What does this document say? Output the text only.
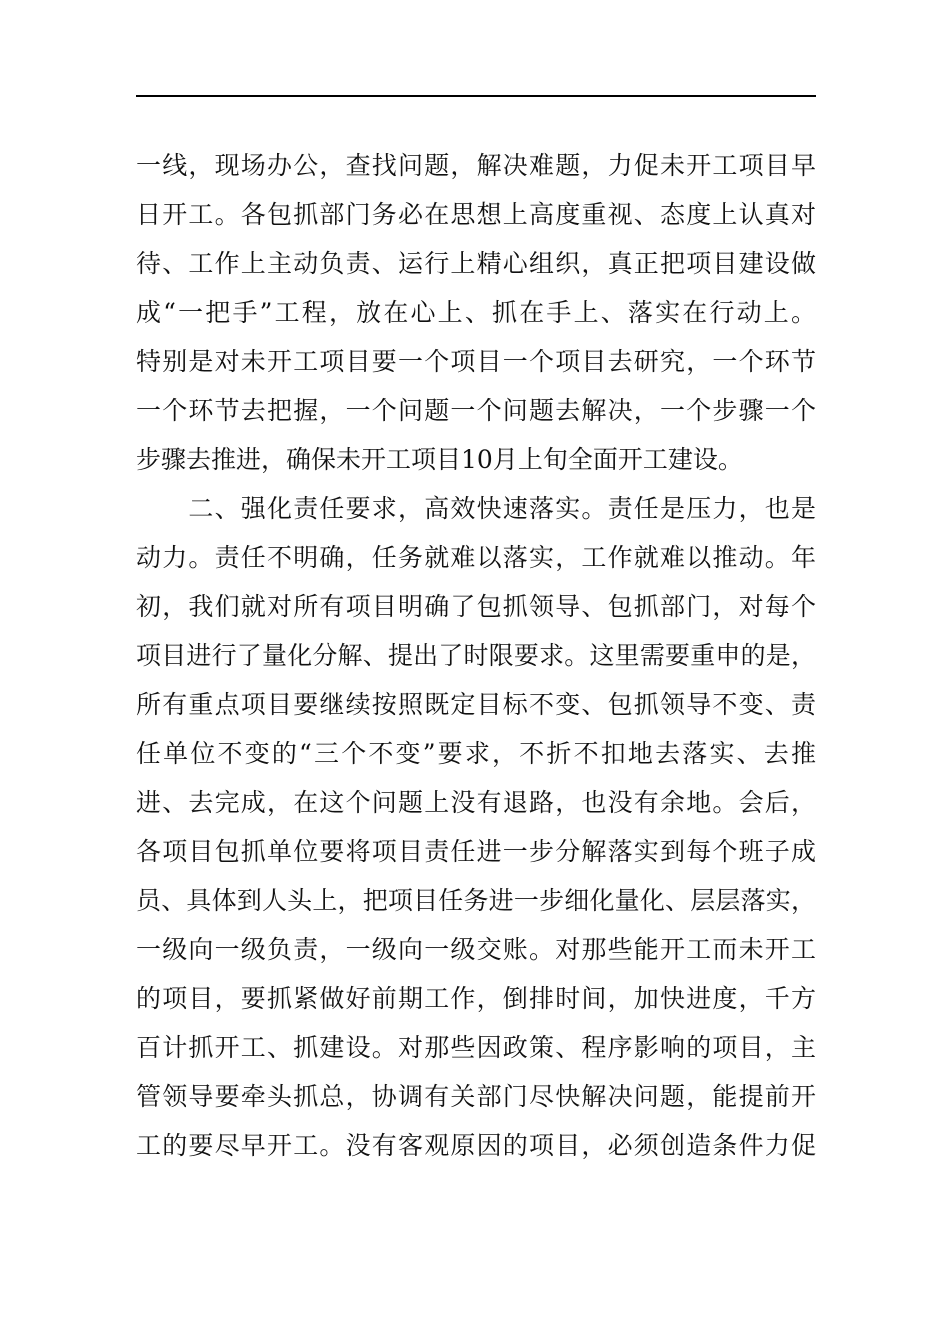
一线，现场办公，查找问题，解决难题，力促未开工项目早
日开工。各包抓部门务必在思想上高度重视、态度上认真对
待、工作上主动负责、运行上精心组织，真正把项目建设做
成“一把手”工程，放在心上、抓在手上、落实在行动上。
特别是对未开工项目要一个项目一个项目去研究，一个环节
一个环节去把握，一个问题一个问题去解决，一个步骤一个
步骤去推进，确保未开工项目10月上旬全面开工建设。
　　二、强化责任要求，高效快速落实。责任是压力，也是
动力。责任不明确，任务就难以落实，工作就难以推动。年
初，我们就对所有项目明确了包抓领导、包抓部门，对每个
项目进行了量化分解、提出了时限要求。这里需要重申的是，
所有重点项目要继续按照既定目标不变、包抓领导不变、责
任单位不变的“三个不变”要求，不折不扣地去落实、去推
进、去完成，在这个问题上没有退路，也没有余地。会后，
各项目包抓单位要将项目责任进一步分解落实到每个班子成
员、具体到人头上，把项目任务进一步细化量化、层层落实，
一级向一级负责，一级向一级交账。对那些能开工而未开工
的项目，要抓紧做好前期工作，倒排时间，加快进度，千方
百计抓开工、抓建设。对那些因政策、程序影响的项目，主
管领导要牵头抓总，协调有关部门尽快解决问题，能提前开
工的要尽早开工。没有客观原因的项目，必须创造条件力促
